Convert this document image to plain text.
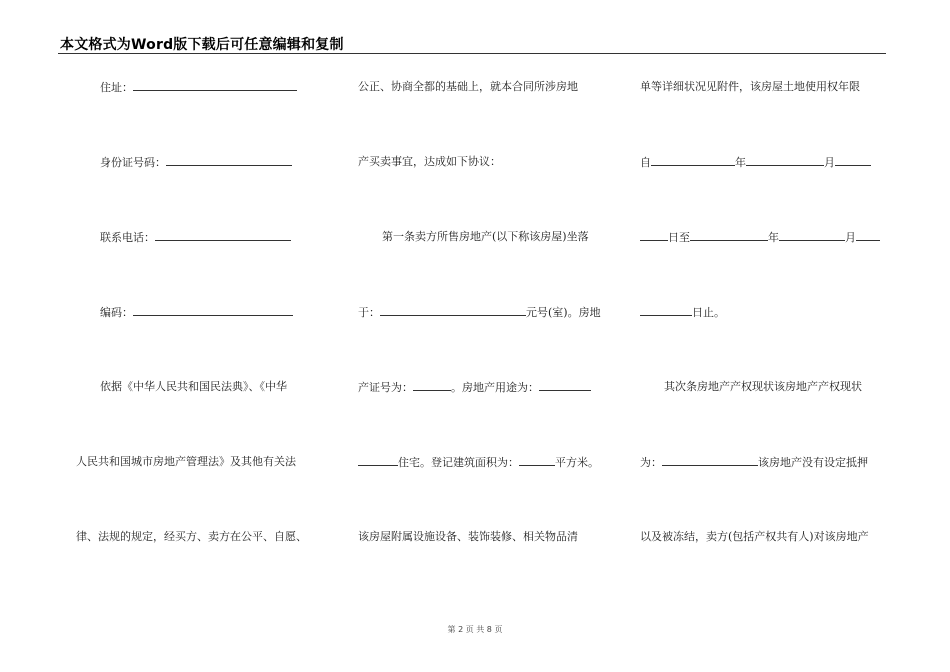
本文格式为Word版下载后可任意编辑和复制
住址：
身份证号码：
联系电话：
编码：
依据《中华人民共和国民法典》、《中华
人民共和国城市房地产管理法》及其他有关法
律、法规的规定，经买方、卖方在公平、自愿、
公正、协商全都的基础上，就本合同所涉房地
产买卖事宜，达成如下协议：
第一条卖方所售房地产(以下称该房屋)坐落
于：	元号(室)。房地
产证号为：	。房地产用途为：
住宅。登记建筑面积为：	平方米。
该房屋附属设施设备、装饰装修、相关物品清
单等详细状况见附件，该房屋土地使用权年限
自	年	月
日至	年	月
日止。
其次条房地产产权现状该房地产产权现状
为：	该房地产没有设定抵押
以及被冻结，卖方(包括产权共有人)对该房地产
第 2 页 共 8 页
